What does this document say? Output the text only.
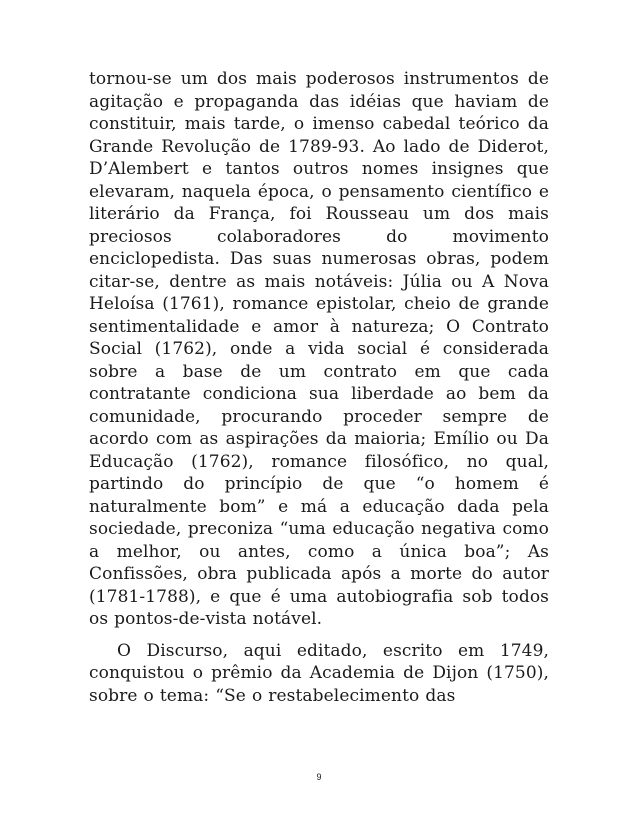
tornou-se um dos mais poderosos instrumentos de agitação e propaganda das idéias que haviam de constituir, mais tarde, o imenso cabedal teórico da Grande Revolução de 1789-93. Ao lado de Diderot, D’Alembert e tantos outros nomes insignes que elevaram, naquela época, o pensamento científico e literário da França, foi Rousseau um dos mais preciosos colaboradores do movimento enciclopedista. Das suas numerosas obras, podem citar-se, dentre as mais notáveis: Júlia ou A Nova Heloísa (1761), romance epistolar, cheio de grande sentimentalidade e amor à natureza; O Contrato Social (1762), onde a vida social é considerada sobre a base de um contrato em que cada contratante condiciona sua liberdade ao bem da comunidade, procurando proceder sempre de acordo com as aspirações da maioria; Emílio ou Da Educação (1762), romance filosófico, no qual, partindo do princípio de que “o homem é naturalmente bom” e má a educação dada pela sociedade, preconiza “uma educação negativa como a melhor, ou antes, como a única boa”; As Confissões, obra publicada após a morte do autor (1781-1788), e que é uma autobiografia sob todos os pontos-de-vista notável.

O Discurso, aqui editado, escrito em 1749, conquistou o prêmio da Academia de Dijon (1750), sobre o tema: “Se o restabelecimento das

9
